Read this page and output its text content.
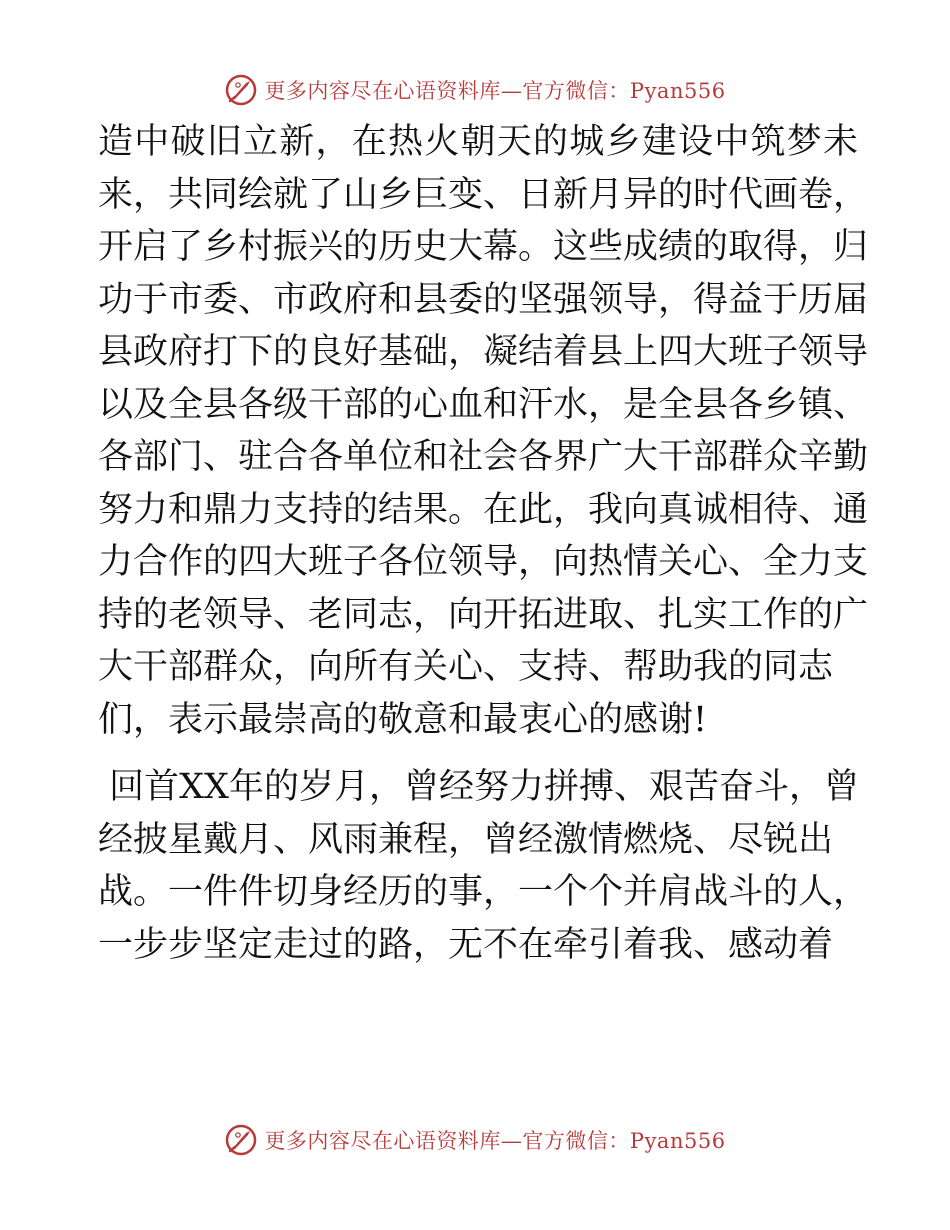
更多内容尽在心语资料库—官方微信：Pyan556

造中破旧立新，在热火朝天的城乡建设中筑梦未
来，共同绘就了山乡巨变、日新月异的时代画卷，
开启了乡村振兴的历史大幕。这些成绩的取得，归
功于市委、市政府和县委的坚强领导，得益于历届
县政府打下的良好基础，凝结着县上四大班子领导
以及全县各级干部的心血和汗水，是全县各乡镇、
各部门、驻合各单位和社会各界广大干部群众辛勤
努力和鼎力支持的结果。在此，我向真诚相待、通
力合作的四大班子各位领导，向热情关心、全力支
持的老领导、老同志，向开拓进取、扎实工作的广
大干部群众，向所有关心、支持、帮助我的同志
们，表示最崇高的敬意和最衷心的感谢!

回首XX年的岁月，曾经努力拼搏、艰苦奋斗，曾
经披星戴月、风雨兼程，曾经激情燃烧、尽锐出
战。一件件切身经历的事，一个个并肩战斗的人，
一步步坚定走过的路，无不在牵引着我、感动着

更多内容尽在心语资料库—官方微信：Pyan556
